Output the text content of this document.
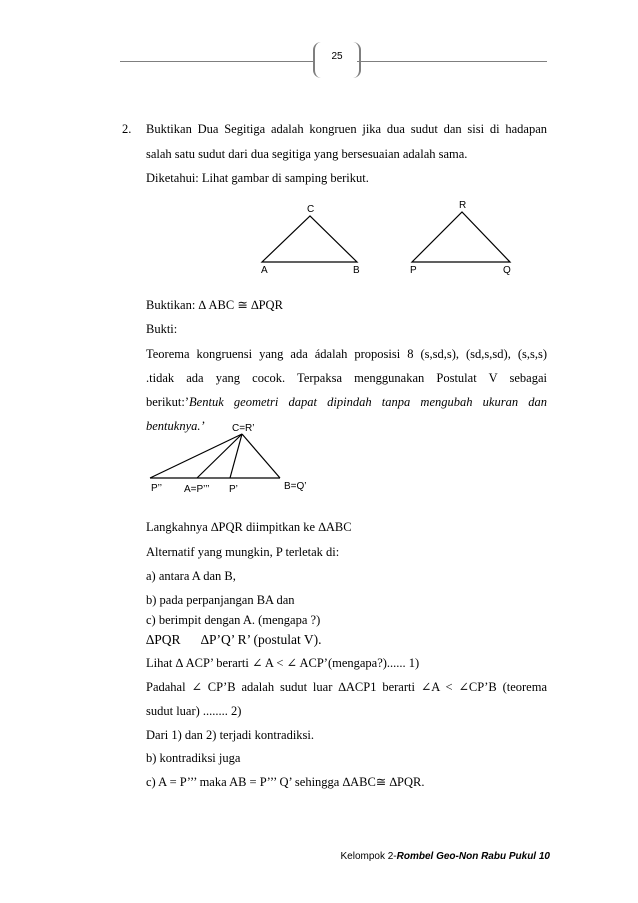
25
2. Buktikan Dua Segitiga adalah kongruen jika dua sudut dan sisi di hadapan
salah satu sudut dari dua segitiga yang bersesuaian adalah sama.
Diketahui: Lihat gambar di samping berikut.
C
A	B
R
P	Q
Buktikan: ∆ ABC ≅ ∆PQR
Bukti:
Teorema kongruensi yang ada ádalah proposisi 8 (s,sd,s), (sd,s,sd), (s,s,s)
.tidak ada yang cocok. Terpaksa menggunakan Postulat V sebagai
berikut:’Bentuk geometri dapat dipindah tanpa mengubah ukuran dan
bentuknya.’	C=R’
P’’ A=P’’’ P’	B=Q’
Langkahnya ∆PQR diimpitkan ke ∆ABC
Alternatif yang mungkin, P terletak di:
a) antara A dan B,
b) pada perpanjangan BA dan
c) berimpit dengan A. (mengapa ?)
∆PQR      ∆P’Q’ R’ (postulat V).
Lihat ∆ ACP’ berarti ∠ A < ∠ ACP’(mengapa?)...... 1)
Padahal ∠ CP’B adalah sudut luar ∆ACP1 berarti ∠A < ∠CP’B (teorema
sudut luar) ........ 2)
Dari 1) dan 2) terjadi kontradiksi.
b) kontradiksi juga
c) A = P’’’ maka AB = P’’’ Q’ sehingga ∆ABC≅ ∆PQR.
Kelompok 2-Rombel Geo-Non Rabu Pukul 10
